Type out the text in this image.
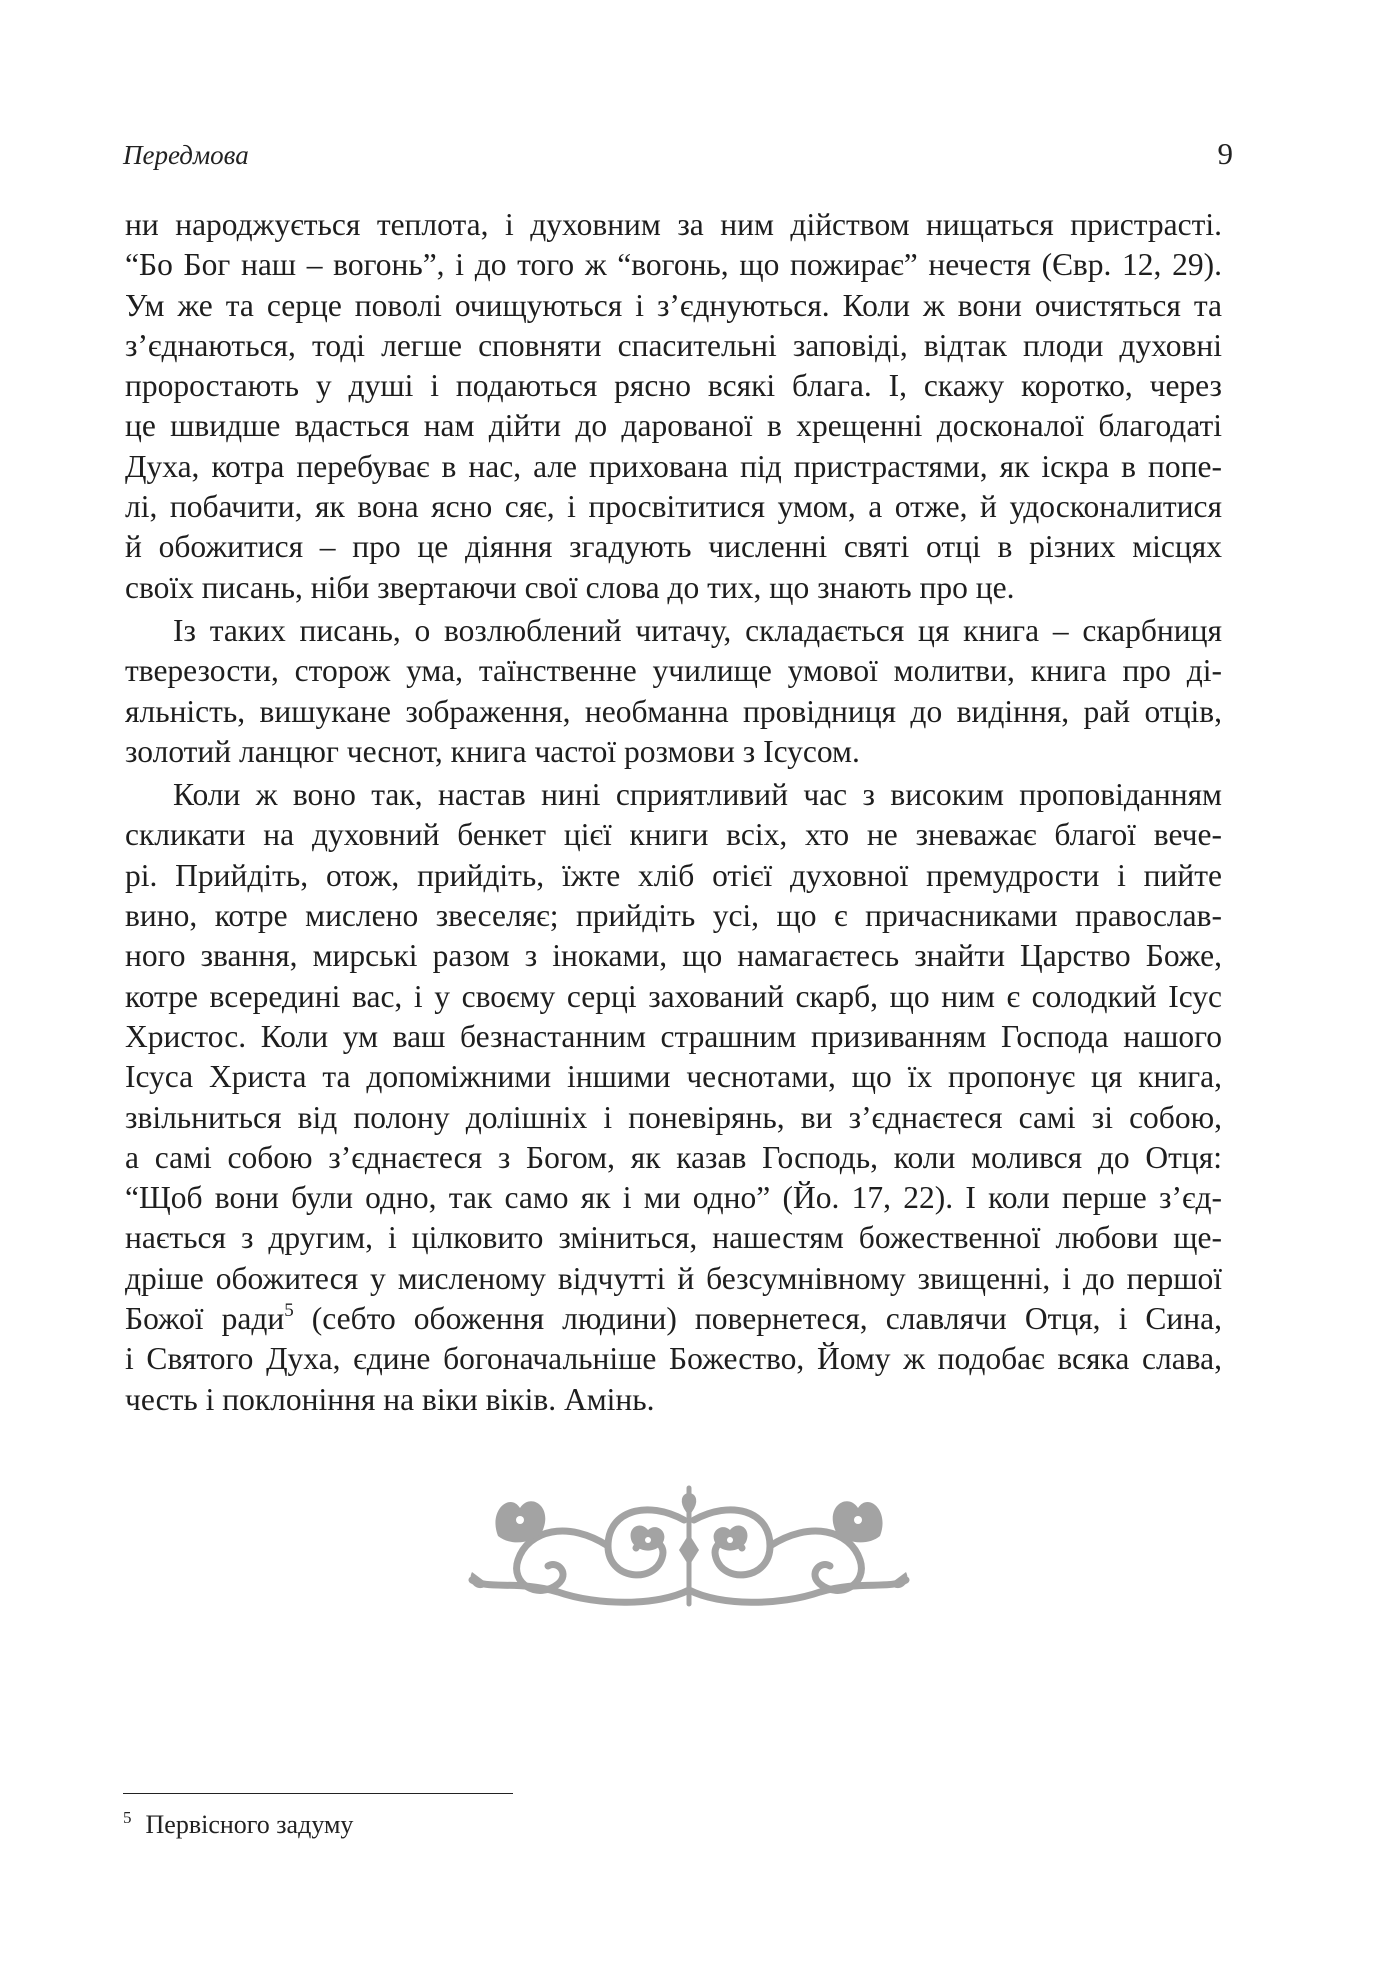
Передмова	9
ни народжується теплота, і духовним за ним дійством нищаться пристрасті.
“Бо Бог наш – вогонь”, і до того ж “вогонь, що пожирає” нечестя (Євр. 12, 29).
Ум же та серце поволі очищуються і з’єднуються. Коли ж вони очистяться та
з’єднаються, тоді легше сповняти спасительні заповіді, відтак плоди духовні
проростають у душі і подаються рясно всякі блага. І, скажу коротко, через
це швидше вдасться нам дійти до дарованої в хрещенні досконалої благодаті
Духа, котра перебуває в нас, але прихована під пристрастями, як іскра в попе-
лі, побачити, як вона ясно сяє, і просвітитися умом, а отже, й удосконалитися
й обожитися – про це діяння згадують численні святі отці в різних місцях
своїх писань, ніби звертаючи свої слова до тих, що знають про це.
Із таких писань, о возлюблений читачу, складається ця книга – скарбниця
тверезости, сторож ума, таїнственне училище умової молитви, книга про ді-
яльність, вишукане зображення, необманна провідниця до видіння, рай отців,
золотий ланцюг чеснот, книга частої розмови з Ісусом.
Коли ж воно так, настав нині сприятливий час з високим проповіданням
скликати на духовний бенкет цієї книги всіх, хто не зневажає благої вече-
рі. Прийдіть, отож, прийдіть, їжте хліб отієї духовної премудрости і пийте
вино, котре мислено звеселяє; прийдіть усі, що є причасниками православ-
ного звання, мирські разом з іноками, що намагаєтесь знайти Царство Боже,
котре всередині вас, і у своєму серці захований скарб, що ним є солодкий Ісус
Христос. Коли ум ваш безнастанним страшним призиванням Господа нашого
Ісуса Христа та допоміжними іншими чеснотами, що їх пропонує ця книга,
звільниться від полону долішніх і поневірянь, ви з’єднаєтеся самі зі собою,
а самі собою з’єднаєтеся з Богом, як казав Господь, коли молився до Отця:
“Щоб вони були одно, так само як і ми одно” (Йо. 17, 22). І коли перше з’єд-
нається з другим, і цілковито зміниться, нашестям божественної любови ще-
дріше обожитеся у мисленому відчутті й безсумнівному звищенні, і до першої
Божої ради$^5$ (себто обоження людини) повернетеся, славлячи Отця, і Сина,
і Святого Духа, єдине богоначальніше Божество, Йому ж подобає всяка слава,
честь і поклоніння на віки віків. Амінь.
$^5$ Первісного задуму
